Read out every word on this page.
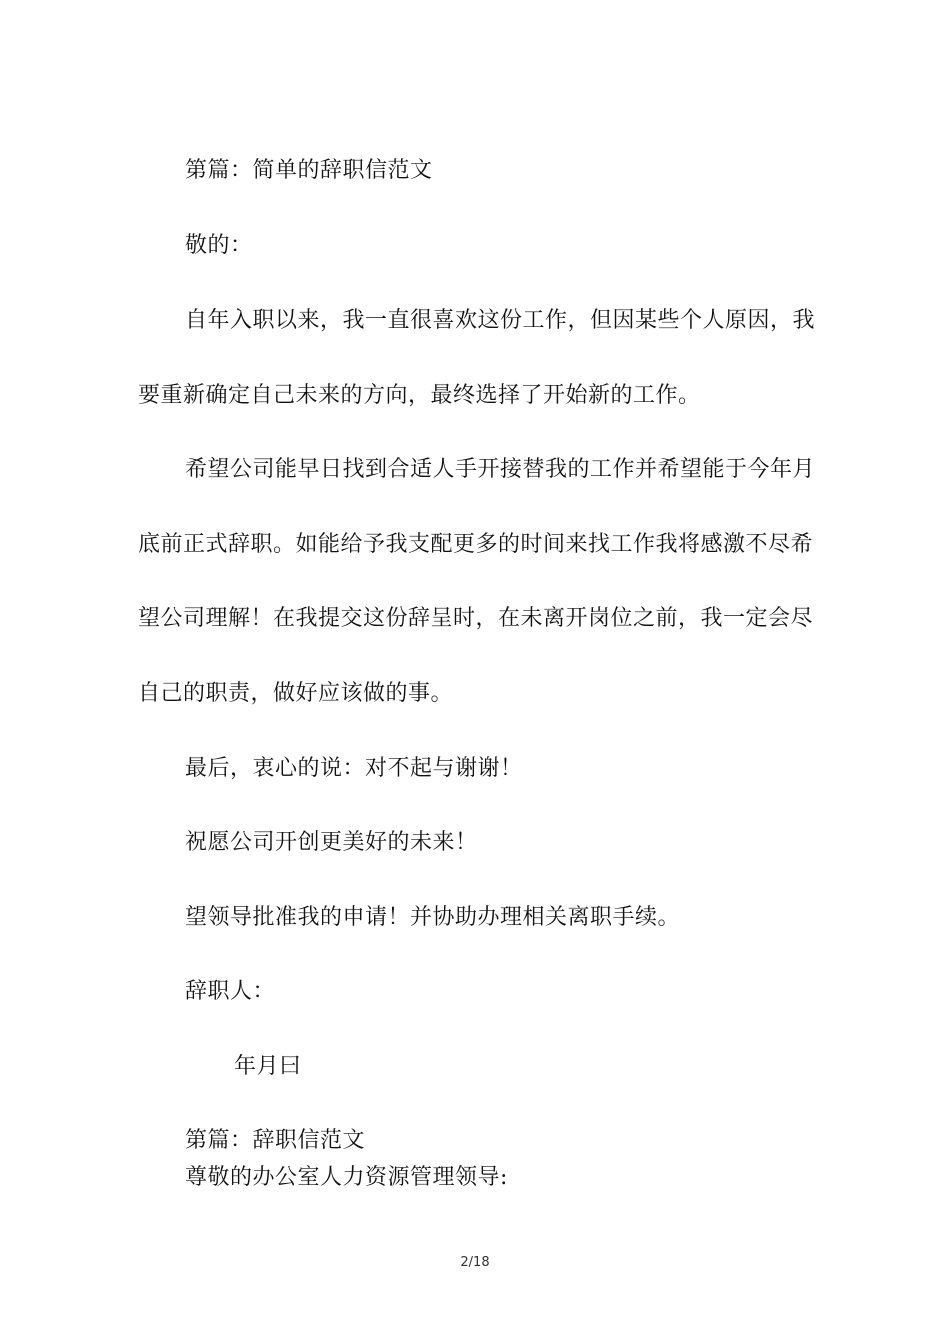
第篇：简单的辞职信范文
敬的：
自年入职以来，我一直很喜欢这份工作，但因某些个人原因，我
要重新确定自己未来的方向，最终选择了开始新的工作。
希望公司能早日找到合适人手开接替我的工作并希望能于今年月
底前正式辞职。如能给予我支配更多的时间来找工作我将感激不尽希
望公司理解！在我提交这份辞呈时，在未离开岗位之前，我一定会尽
自己的职责，做好应该做的事。
最后，衷心的说：对不起与谢谢！
祝愿公司开创更美好的未来！
望领导批准我的申请！并协助办理相关离职手续。
辞职人：
年月曰
第篇：辞职信范文
尊敬的办公室人力资源管理领导:
2/18
